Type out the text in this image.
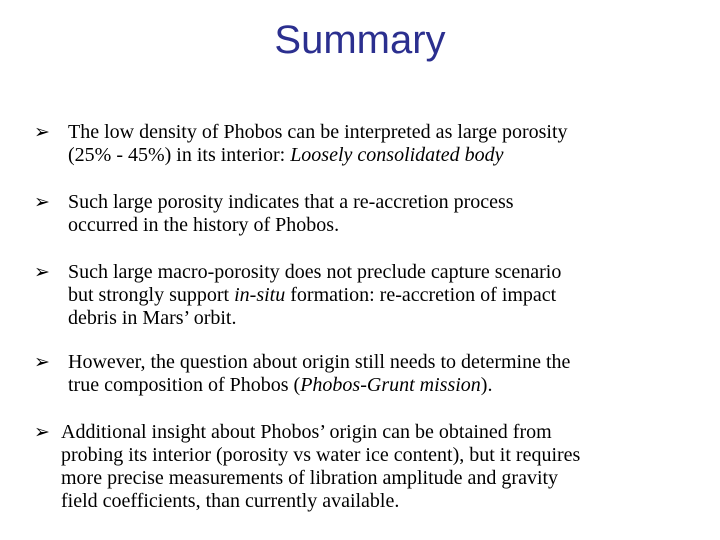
Summary
➢ The low density of Phobos can be interpreted as large porosity
(25% - 45%) in its interior: Loosely consolidated body
➢ Such large porosity indicates that a re-accretion process
occurred in the history of Phobos.
➢ Such large macro-porosity does not preclude capture scenario
but strongly support in-situ formation: re-accretion of impact
debris in Mars’ orbit.
➢ However, the question about origin still needs to determine the
true composition of Phobos (Phobos-Grunt mission).
➢ Additional insight about Phobos’ origin can be obtained from
probing its interior (porosity vs water ice content), but it requires
more precise measurements of libration amplitude and gravity
field coefficients, than currently available.
